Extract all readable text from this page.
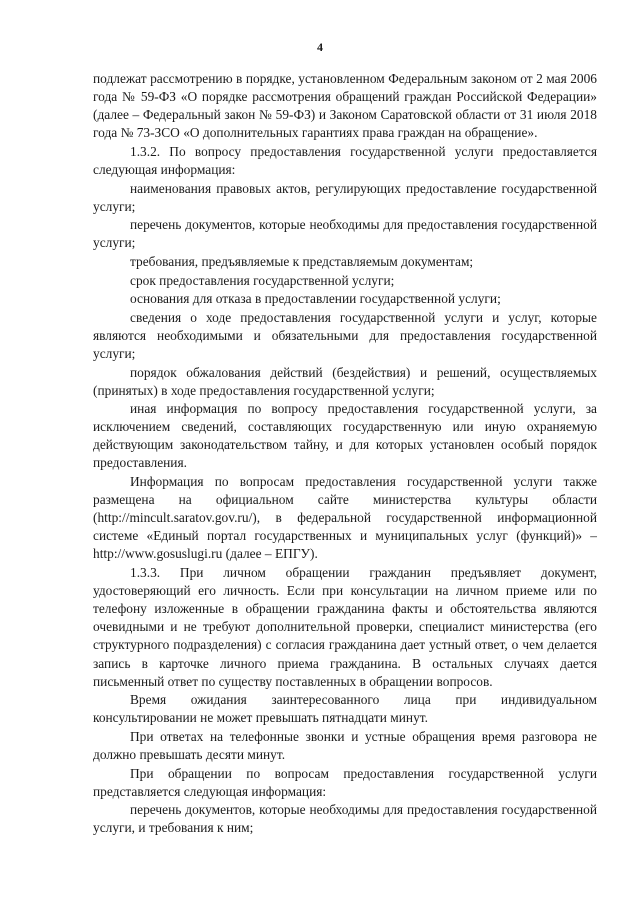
4

подлежат рассмотрению в порядке, установленном Федеральным законом от 2 мая 2006 года № 59-ФЗ «О порядке рассмотрения обращений граждан Российской Федерации» (далее – Федеральный закон № 59-ФЗ) и Законом Саратовской области от 31 июля 2018 года № 73-ЗСО «О дополнительных гарантиях права граждан на обращение».

1.3.2. По вопросу предоставления государственной услуги предоставляется следующая информация:

наименования правовых актов, регулирующих предоставление государственной услуги;

перечень документов, которые необходимы для предоставления государственной услуги;

требования, предъявляемые к представляемым документам;

срок предоставления государственной услуги;

основания для отказа в предоставлении государственной услуги;

сведения о ходе предоставления государственной услуги и услуг, которые являются необходимыми и обязательными для предоставления государственной услуги;

порядок обжалования действий (бездействия) и решений, осуществляемых (принятых) в ходе предоставления государственной услуги;

иная информация по вопросу предоставления государственной услуги, за исключением сведений, составляющих государственную или иную охраняемую действующим законодательством тайну, и для которых установлен особый порядок предоставления.

Информация по вопросам предоставления государственной услуги также размещена на официальном сайте министерства культуры области (http://mincult.saratov.gov.ru/), в федеральной государственной информационной системе «Единый портал государственных и муниципальных услуг (функций)» – http://www.gosuslugi.ru (далее – ЕПГУ).

1.3.3. При личном обращении гражданин предъявляет документ, удостоверяющий его личность. Если при консультации на личном приеме или по телефону изложенные в обращении гражданина факты и обстоятельства являются очевидными и не требуют дополнительной проверки, специалист министерства (его структурного подразделения) с согласия гражданина дает устный ответ, о чем делается запись в карточке личного приема гражданина. В остальных случаях дается письменный ответ по существу поставленных в обращении вопросов.

Время ожидания заинтересованного лица при индивидуальном консультировании не может превышать пятнадцати минут.

При ответах на телефонные звонки и устные обращения время разговора не должно превышать десяти минут.

При обращении по вопросам предоставления государственной услуги представляется следующая информация:

перечень документов, которые необходимы для предоставления государственной услуги, и требования к ним;
